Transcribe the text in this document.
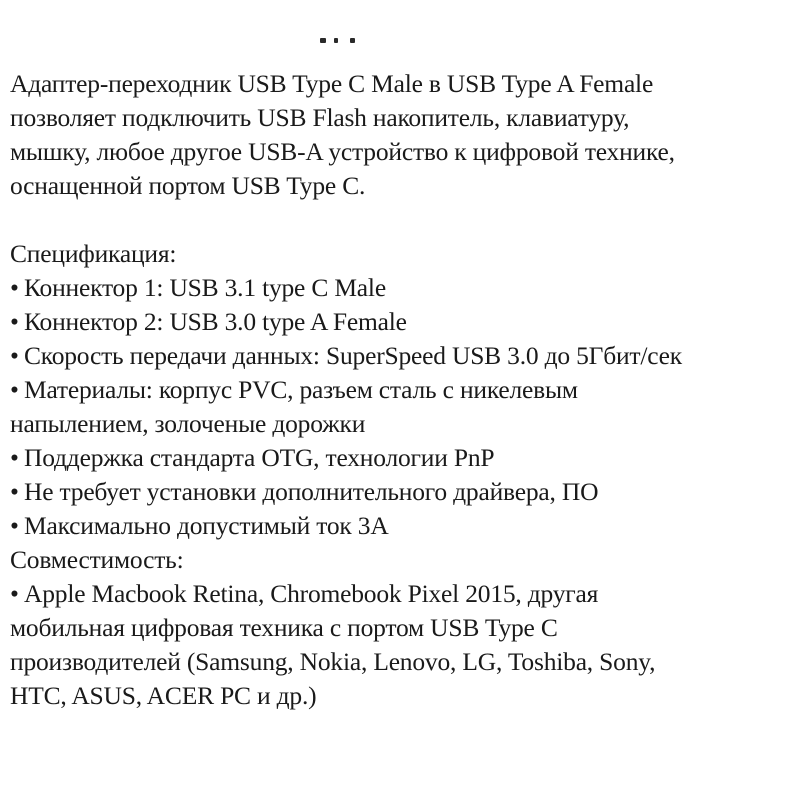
Адаптер-переходник USB Type C Male в USB Type A Female
позволяет подключить USB Flash накопитель, клавиатуру,
мышку, любое другое USB-A устройство к цифровой технике,
оснащенной портом USB Type C.
Спецификация:
• Коннектор 1: USB 3.1 type C Male
• Коннектор 2: USB 3.0 type A Female
• Скорость передачи данных: SuperSpeed USB 3.0 до 5Гбит/сек
• Материалы: корпус PVC, разъем сталь с никелевым
напылением, золоченые дорожки
• Поддержка стандарта OTG, технологии PnP
• Не требует установки дополнительного драйвера, ПО
• Максимально допустимый ток 3А
Совместимость:
• Apple Macbook Retina, Chromebook Pixel 2015, другая
мобильная цифровая техника с портом USB Type C
производителей (Samsung, Nokia, Lenovo, LG, Toshiba, Sony,
HTC, ASUS, ACER PC и др.)
